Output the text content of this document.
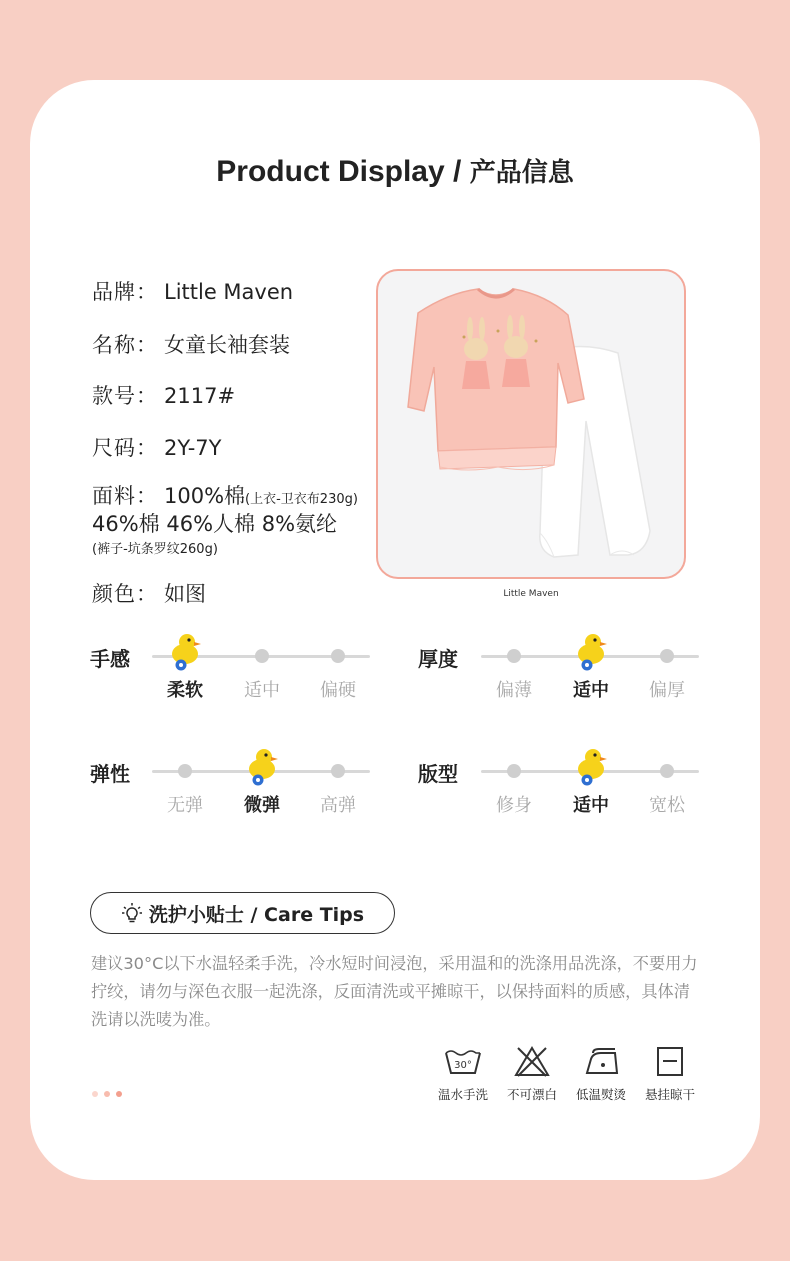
Product Display / 产品信息
品牌： Little Maven
名称： 女童长袖套装
款号： 2117#
尺码： 2Y-7Y
面料： 100%棉(上衣-卫衣布230g)
46%棉 46%人棉 8%氨纶
(裤子-坑条罗纹260g)
颜色： 如图	Little Maven
手感
柔软	适中	偏硬
厚度
偏薄	适中	偏厚
弹性
无弹	微弹	高弹
版型
修身	适中	宽松
洗护小贴士 / Care Tips
建议30°C以下水温轻柔手洗，冷水短时间浸泡，采用温和的洗涤用品洗涤，不要用力拧绞，请勿与深色衣服一起洗涤，反面清洗或平摊晾干，以保持面料的质感，具体清洗请以洗唛为准。
30°
温水手洗	不可漂白	低温熨烫	悬挂晾干
